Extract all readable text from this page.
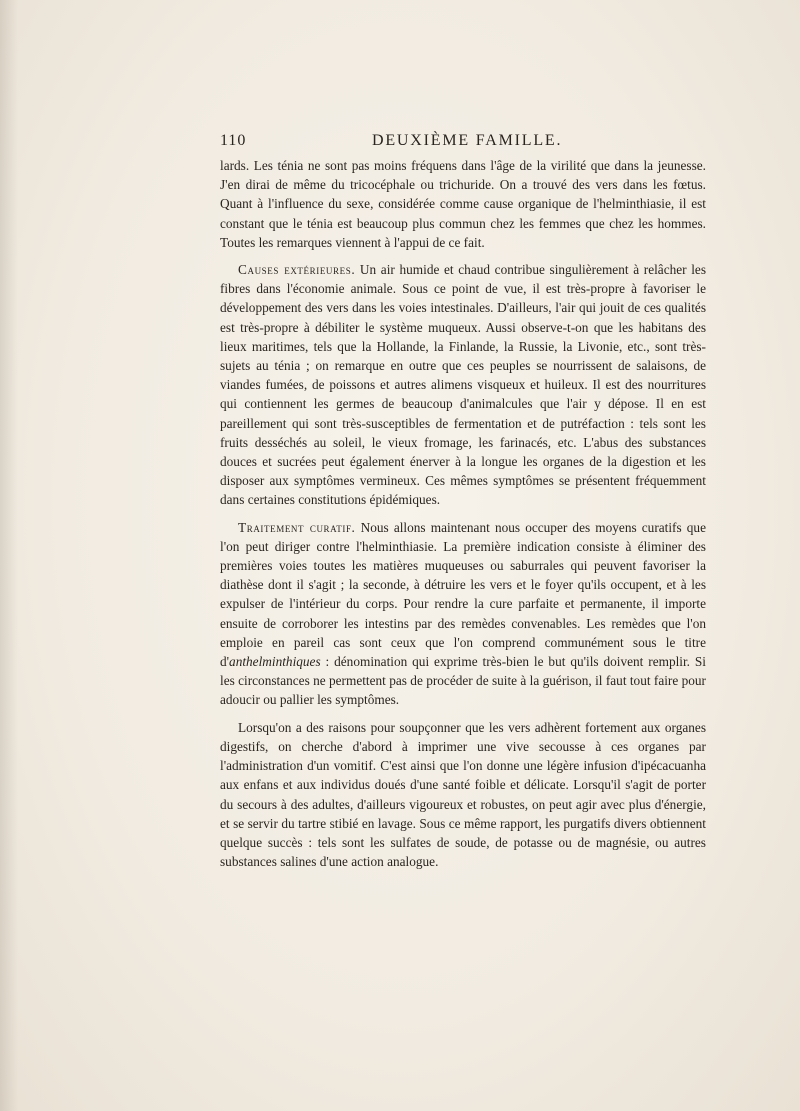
110	DEUXIÈME FAMILLE.

lards. Les ténia ne sont pas moins fréquens dans l'âge de la virilité que dans la jeunesse. J'en dirai de même du tricocéphale ou trichuride. On a trouvé des vers dans les fœtus. Quant à l'influence du sexe, considérée comme cause organique de l'helminthiasie, il est constant que le ténia est beaucoup plus commun chez les femmes que chez les hommes. Toutes les remarques viennent à l'appui de ce fait.

Causes extérieures. Un air humide et chaud contribue singulièrement à relâcher les fibres dans l'économie animale. Sous ce point de vue, il est très-propre à favoriser le développement des vers dans les voies intestinales. D'ailleurs, l'air qui jouit de ces qualités est très-propre à débiliter le système muqueux. Aussi observe-t-on que les habitans des lieux maritimes, tels que la Hollande, la Finlande, la Russie, la Livonie, etc., sont très-sujets au ténia ; on remarque en outre que ces peuples se nourrissent de salaisons, de viandes fumées, de poissons et autres alimens visqueux et huileux. Il est des nourritures qui contiennent les germes de beaucoup d'animalcules que l'air y dépose. Il en est pareillement qui sont très-susceptibles de fermentation et de putréfaction : tels sont les fruits desséchés au soleil, le vieux fromage, les farinacés, etc. L'abus des substances douces et sucrées peut également énerver à la longue les organes de la digestion et les disposer aux symptômes vermineux. Ces mêmes symptômes se présentent fréquemment dans certaines constitutions épidémiques.

Traitement curatif. Nous allons maintenant nous occuper des moyens curatifs que l'on peut diriger contre l'helminthiasie. La première indication consiste à éliminer des premières voies toutes les matières muqueuses ou saburrales qui peuvent favoriser la diathèse dont il s'agit ; la seconde, à détruire les vers et le foyer qu'ils occupent, et à les expulser de l'intérieur du corps. Pour rendre la cure parfaite et permanente, il importe ensuite de corroborer les intestins par des remèdes convenables. Les remèdes que l'on emploie en pareil cas sont ceux que l'on comprend communément sous le titre d'anthelminthiques : dénomination qui exprime très-bien le but qu'ils doivent remplir. Si les circonstances ne permettent pas de procéder de suite à la guérison, il faut tout faire pour adoucir ou pallier les symptômes.

Lorsqu'on a des raisons pour soupçonner que les vers adhèrent fortement aux organes digestifs, on cherche d'abord à imprimer une vive secousse à ces organes par l'administration d'un vomitif. C'est ainsi que l'on donne une légère infusion d'ipécacuanha aux enfans et aux individus doués d'une santé foible et délicate. Lorsqu'il s'agit de porter du secours à des adultes, d'ailleurs vigoureux et robustes, on peut agir avec plus d'énergie, et se servir du tartre stibié en lavage. Sous ce même rapport, les purgatifs divers obtiennent quelque succès : tels sont les sulfates de soude, de potasse ou de magnésie, ou autres substances salines d'une action analogue.
